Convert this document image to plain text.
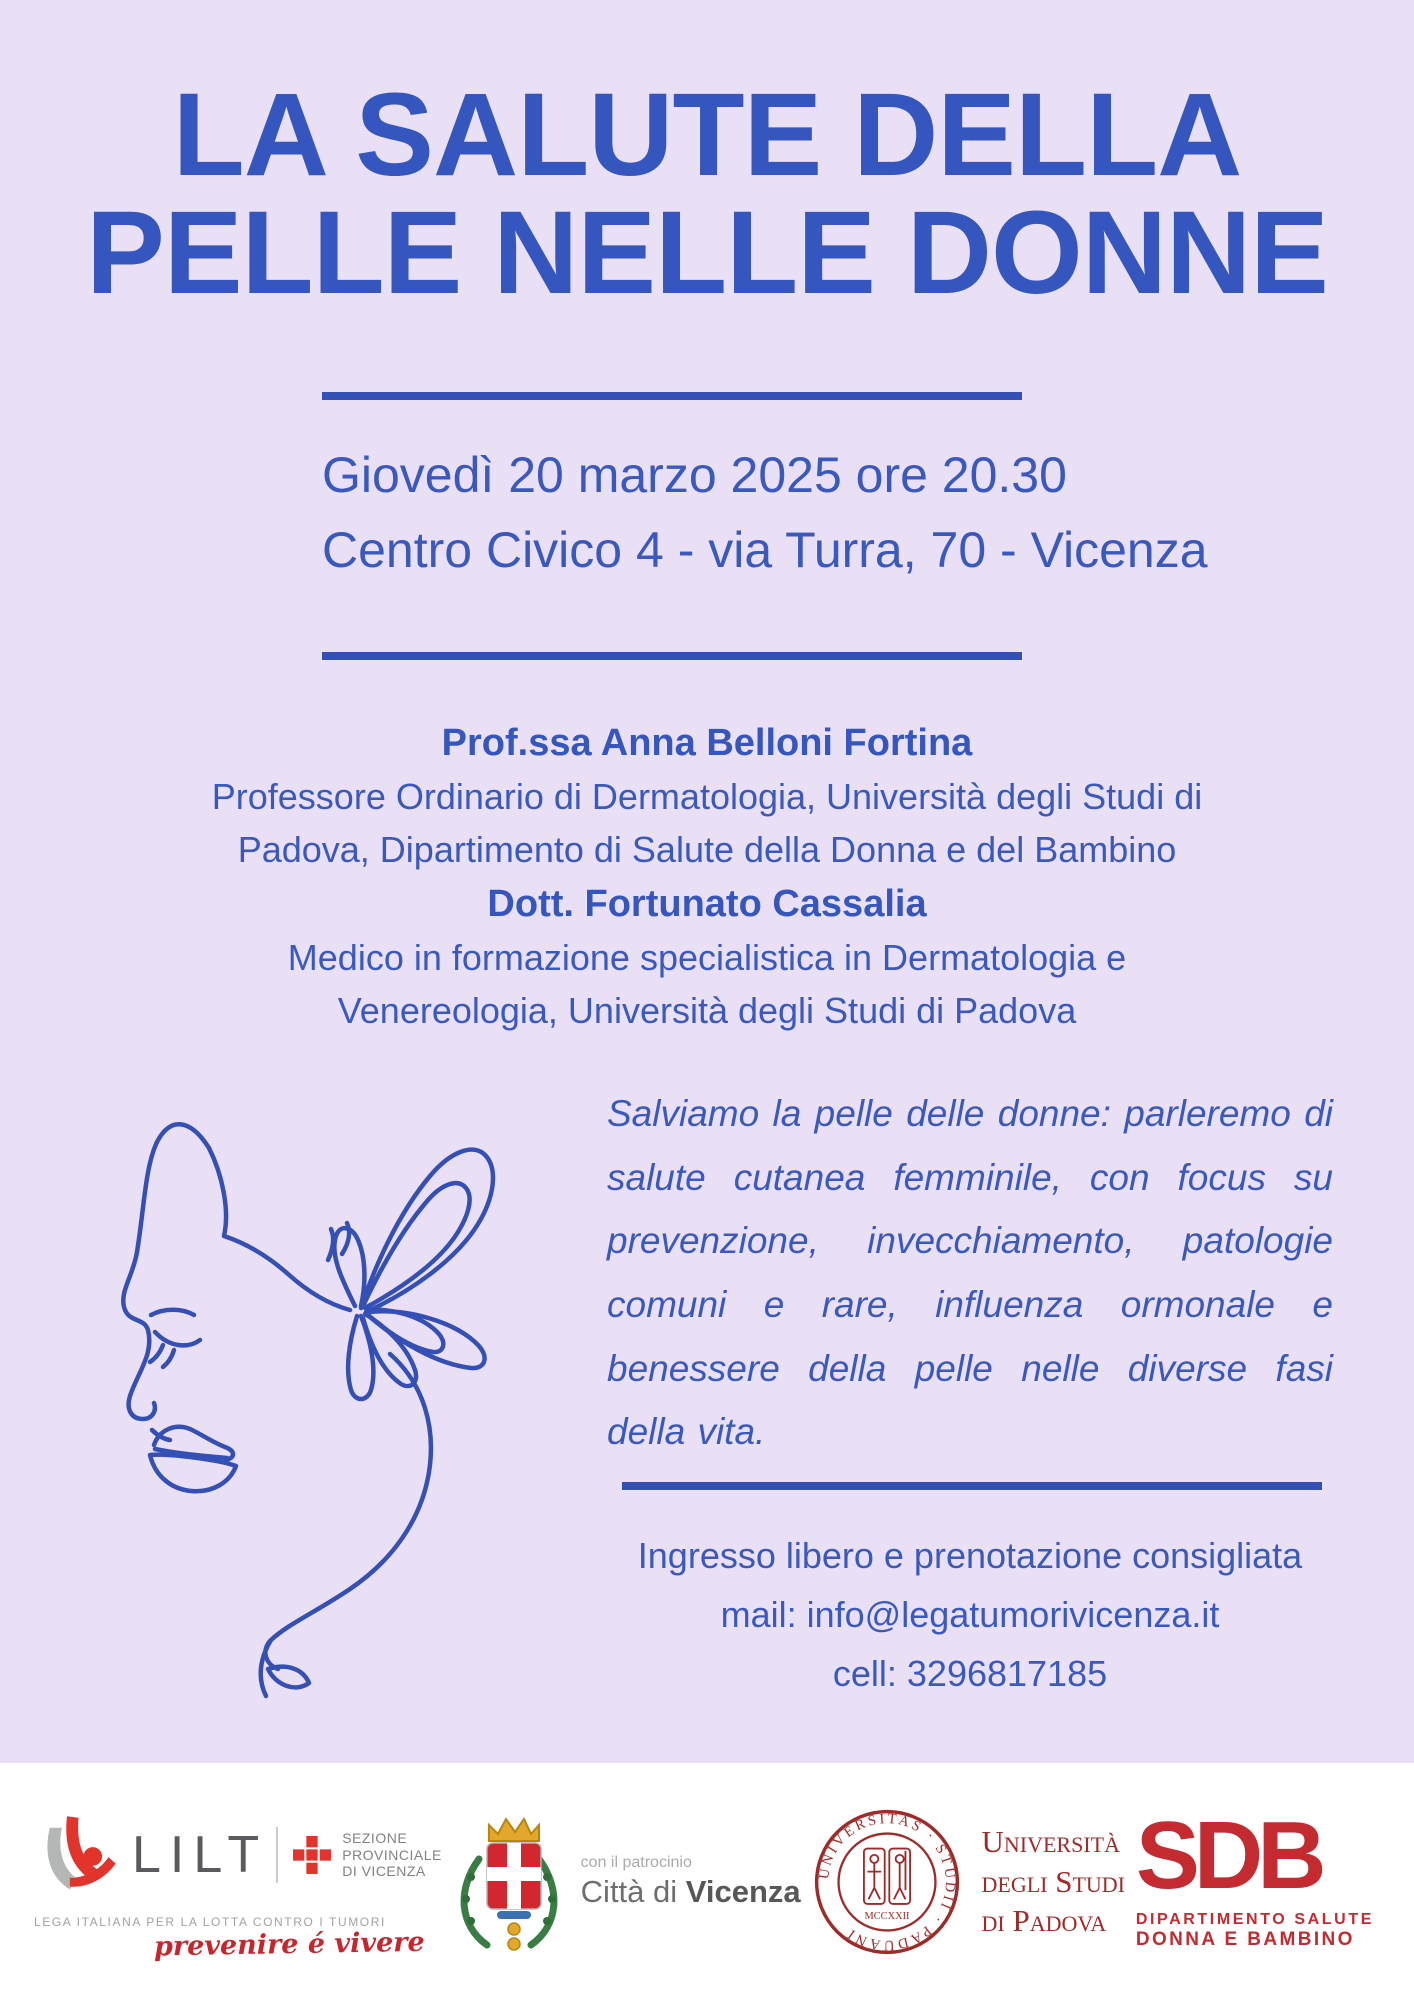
LA SALUTE DELLA
PELLE NELLE DONNE
Giovedì 20 marzo 2025 ore 20.30
Centro Civico 4 - via Turra, 70 - Vicenza
Prof.ssa Anna Belloni Fortina
Professore Ordinario di Dermatologia, Università degli Studi di
Padova, Dipartimento di Salute della Donna e del Bambino
Dott. Fortunato Cassalia
Medico in formazione specialistica in Dermatologia e
Venereologia, Università degli Studi di Padova

Salviamo la pelle delle donne: parleremo di salute cutanea femminile, con focus su prevenzione, invecchiamento, patologie comuni e rare, influenza ormonale e benessere della pelle nelle diverse fasi della vita.

Ingresso libero e prenotazione consigliata
mail: info@legatumorivicenza.it
cell: 3296817185
LILT	SEZIONE
PROVINCIALE
DI VICENZA
LEGA ITALIANA PER LA LOTTA CONTRO I TUMORI
prevenire é vivere
con il patrocinio
Città di Vicenza
UNIVERSITAS · STUDII · PADUANI
MCCXXII
Università
degli Studi
di Padova
SDB
DIPARTIMENTO SALUTE
DONNA E BAMBINO
